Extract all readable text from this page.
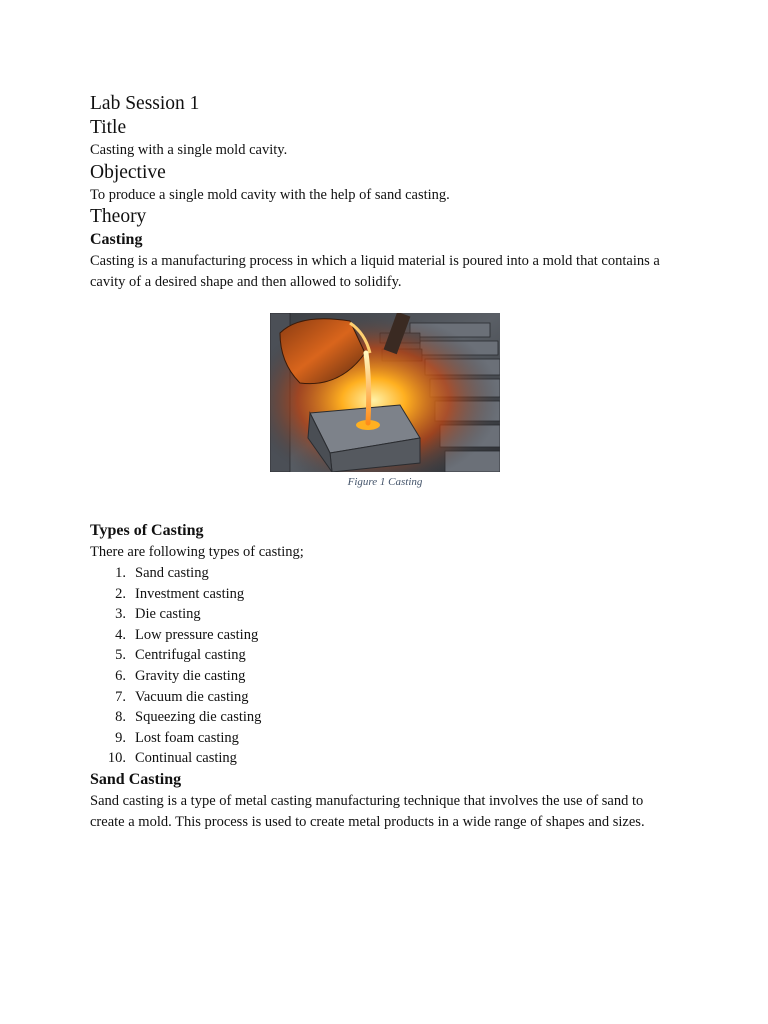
Lab Session 1
Title

Casting with a single mold cavity.

Objective

To produce a single mold cavity with the help of sand casting.

Theory
Casting

Casting is a manufacturing process in which a liquid material is poured into a mold that contains a cavity of a desired shape and then allowed to solidify.

Figure 1 Casting
Types of Casting

There are following types of casting;

1. Sand casting
2. Investment casting
3. Die casting
4. Low pressure casting
5. Centrifugal casting
6. Gravity die casting
7. Vacuum die casting
8. Squeezing die casting
9. Lost foam casting
10. Continual casting
Sand Casting

Sand casting is a type of metal casting manufacturing technique that involves the use of sand to create a mold. This process is used to create metal products in a wide range of shapes and sizes.
